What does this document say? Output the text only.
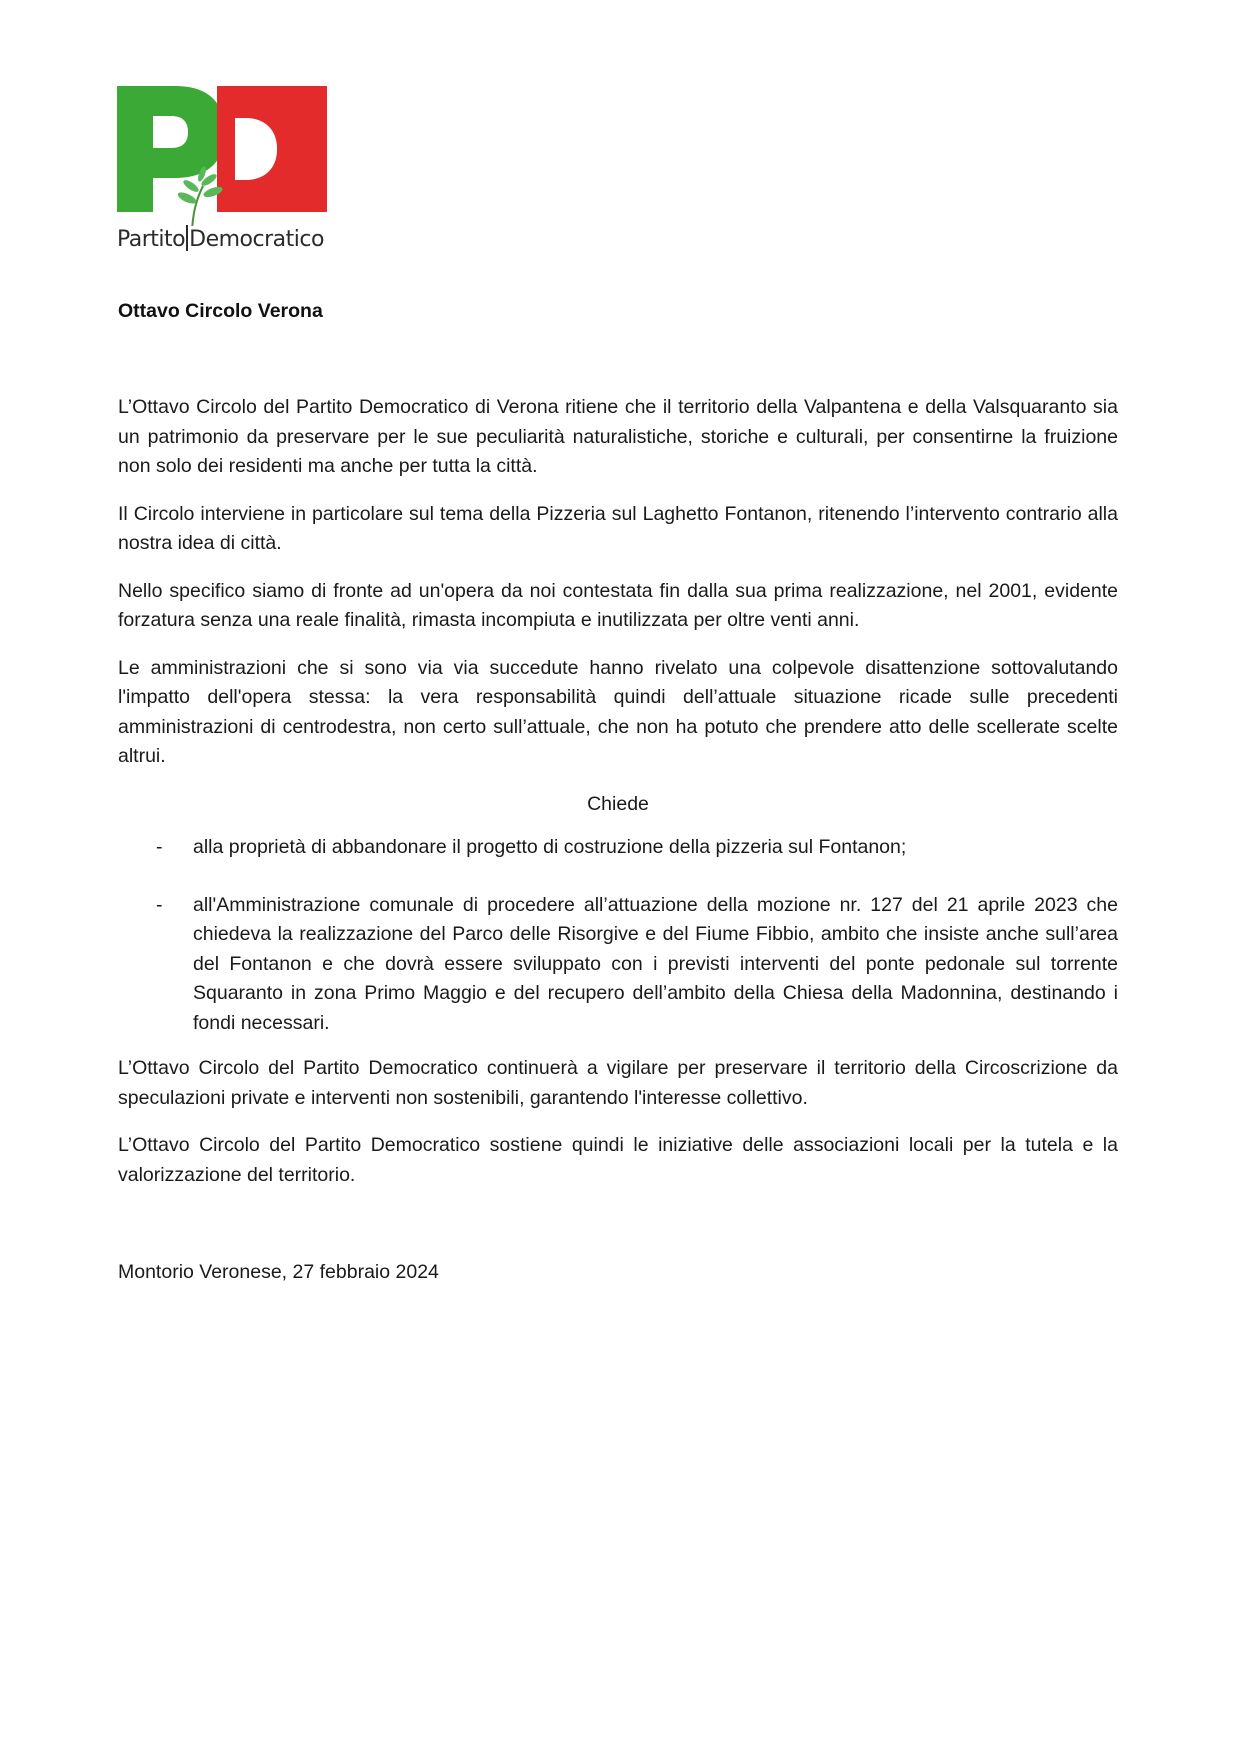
Partito Democratico
Ottavo Circolo Verona

L’Ottavo Circolo del Partito Democratico di Verona ritiene che il territorio della Valpantena e della Valsquaranto sia un patrimonio da preservare per le sue peculiarità naturalistiche, storiche e culturali, per consentirne la fruizione non solo dei residenti ma anche per tutta la città.

Il Circolo interviene in particolare sul tema della Pizzeria sul Laghetto Fontanon, ritenendo l’intervento contrario alla nostra idea di città.

Nello specifico siamo di fronte ad un'opera da noi contestata fin dalla sua prima realizzazione, nel 2001, evidente forzatura senza una reale finalità, rimasta incompiuta e inutilizzata per oltre venti anni.

Le amministrazioni che si sono via via succedute hanno rivelato una colpevole disattenzione sottovalutando l'impatto dell'opera stessa: la vera responsabilità quindi dell’attuale situazione ricade sulle precedenti amministrazioni di centrodestra, non certo sull’attuale, che non ha potuto che prendere atto delle scellerate scelte altrui.

Chiede
- alla proprietà di abbandonare il progetto di costruzione della pizzeria sul Fontanon;
- all'Amministrazione comunale di procedere all’attuazione della mozione nr. 127 del 21 aprile 2023 che chiedeva la realizzazione del Parco delle Risorgive e del Fiume Fibbio, ambito che insiste anche sull’area del Fontanon e che dovrà essere sviluppato con i previsti interventi del ponte pedonale sul torrente Squaranto in zona Primo Maggio e del recupero dell’ambito della Chiesa della Madonnina, destinando i fondi necessari.

L’Ottavo Circolo del Partito Democratico continuerà a vigilare per preservare il territorio della Circoscrizione da speculazioni private e interventi non sostenibili, garantendo l'interesse collettivo.

L’Ottavo Circolo del Partito Democratico sostiene quindi le iniziative delle associazioni locali per la tutela e la valorizzazione del territorio.

Montorio Veronese, 27 febbraio 2024
